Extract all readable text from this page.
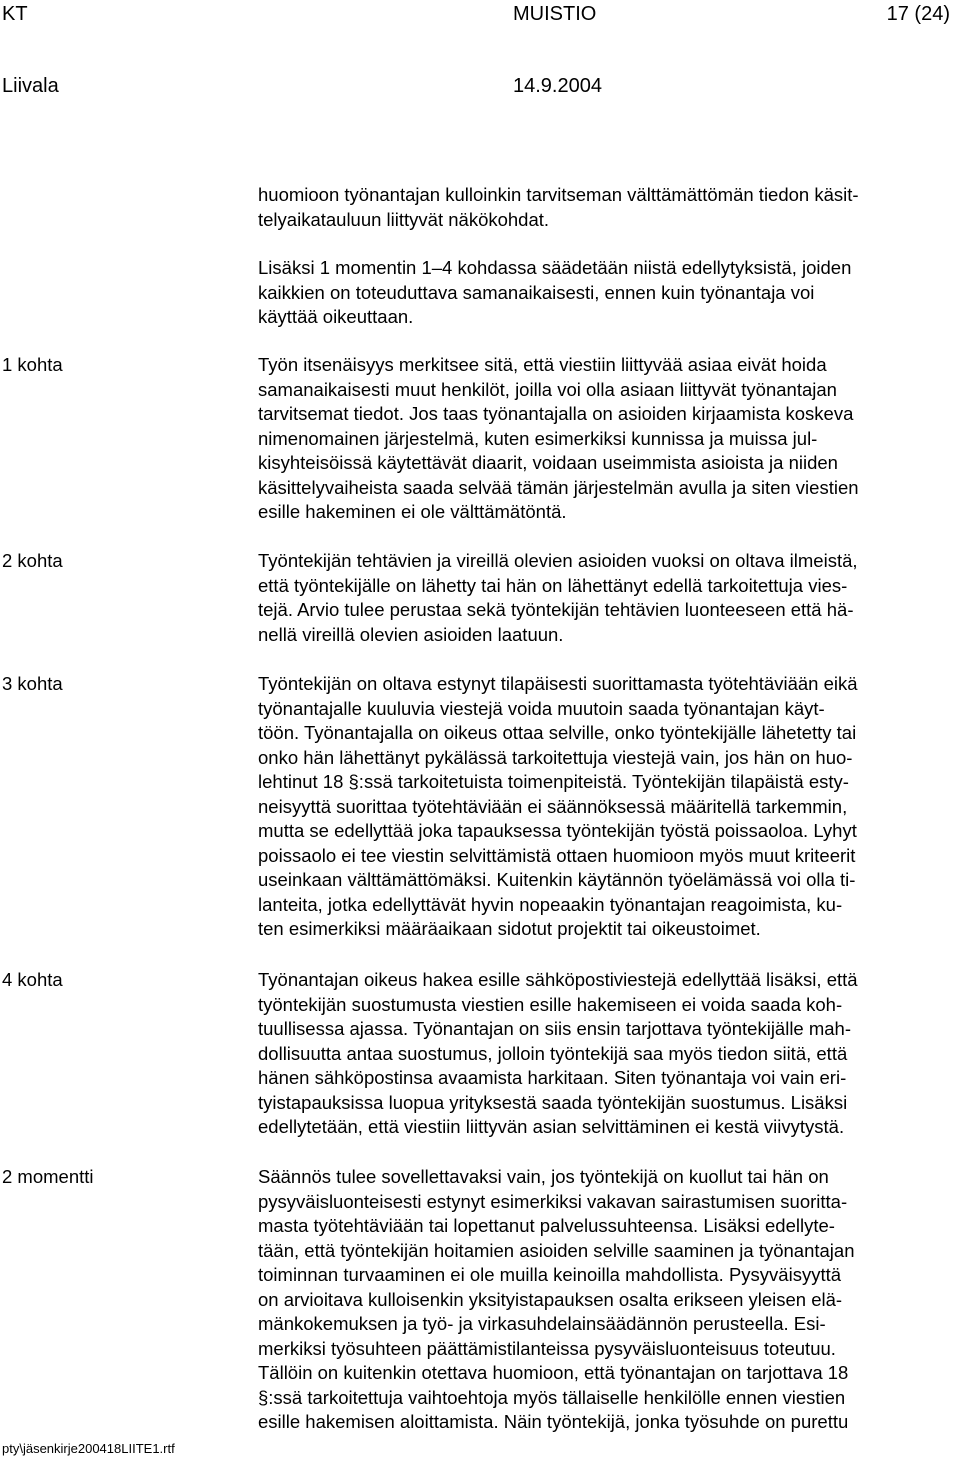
KT	MUISTIO	17 (24)
Liivala	14.9.2004
huomioon työnantajan kulloinkin tarvitseman välttämättömän tiedon käsit-
telyaikatauluun liittyvät näkökohdat.
Lisäksi 1 momentin 1–4 kohdassa säädetään niistä edellytyksistä, joiden
kaikkien on toteuduttava samanaikaisesti, ennen kuin työnantaja voi
käyttää oikeuttaan.
1 kohta	Työn itsenäisyys merkitsee sitä, että viestiin liittyvää asiaa eivät hoida
samanaikaisesti muut henkilöt, joilla voi olla asiaan liittyvät työnantajan
tarvitsemat tiedot. Jos taas työnantajalla on asioiden kirjaamista koskeva
nimenomainen järjestelmä, kuten esimerkiksi kunnissa ja muissa jul-
kisyhteisöissä käytettävät diaarit, voidaan useimmista asioista ja niiden
käsittelyvaiheista saada selvää tämän järjestelmän avulla ja siten viestien
esille hakeminen ei ole välttämätöntä.
2 kohta	Työntekijän tehtävien ja vireillä olevien asioiden vuoksi on oltava ilmeistä,
että työntekijälle on lähetty tai hän on lähettänyt edellä tarkoitettuja vies-
tejä. Arvio tulee perustaa sekä työntekijän tehtävien luonteeseen että hä-
nellä vireillä olevien asioiden laatuun.
3 kohta	Työntekijän on oltava estynyt tilapäisesti suorittamasta työtehtäviään eikä
työnantajalle kuuluvia viestejä voida muutoin saada työnantajan käyt-
töön. Työnantajalla on oikeus ottaa selville, onko työntekijälle lähetetty tai
onko hän lähettänyt pykälässä tarkoitettuja viestejä vain, jos hän on huo-
lehtinut 18 §:ssä tarkoitetuista toimenpiteistä. Työntekijän tilapäistä esty-
neisyyttä suorittaa työtehtäviään ei säännöksessä määritellä tarkemmin,
mutta se edellyttää joka tapauksessa työntekijän työstä poissaoloa. Lyhyt
poissaolo ei tee viestin selvittämistä ottaen huomioon myös muut kriteerit
useinkaan välttämättömäksi. Kuitenkin käytännön työelämässä voi olla ti-
lanteita, jotka edellyttävät hyvin nopeaakin työnantajan reagoimista, ku-
ten esimerkiksi määräaikaan sidotut projektit tai oikeustoimet.
4 kohta	Työnantajan oikeus hakea esille sähköpostiviestejä edellyttää lisäksi, että
työntekijän suostumusta viestien esille hakemiseen ei voida saada koh-
tuullisessa ajassa. Työnantajan on siis ensin tarjottava työntekijälle mah-
dollisuutta antaa suostumus, jolloin työntekijä saa myös tiedon siitä, että
hänen sähköpostinsa avaamista harkitaan. Siten työnantaja voi vain eri-
tyistapauksissa luopua yrityksestä saada työntekijän suostumus. Lisäksi
edellytetään, että viestiin liittyvän asian selvittäminen ei kestä viivytystä.
2 momentti	Säännös tulee sovellettavaksi vain, jos työntekijä on kuollut tai hän on
pysyväisluonteisesti estynyt esimerkiksi vakavan sairastumisen suoritta-
masta työtehtäviään tai lopettanut palvelussuhteensa. Lisäksi edellyte-
tään, että työntekijän hoitamien asioiden selville saaminen ja työnantajan
toiminnan turvaaminen ei ole muilla keinoilla mahdollista. Pysyväisyyttä
on arvioitava kulloisenkin yksityistapauksen osalta erikseen yleisen elä-
mänkokemuksen ja työ- ja virkasuhdelainsäädännön perusteella. Esi-
merkiksi työsuhteen päättämistilanteissa pysyväisluonteisuus toteutuu.
Tällöin on kuitenkin otettava huomioon, että työnantajan on tarjottava 18
§:ssä tarkoitettuja vaihtoehtoja myös tällaiselle henkilölle ennen viestien
esille hakemisen aloittamista. Näin työntekijä, jonka työsuhde on purettu
pty\jäsenkirje200418LIITE1.rtf
